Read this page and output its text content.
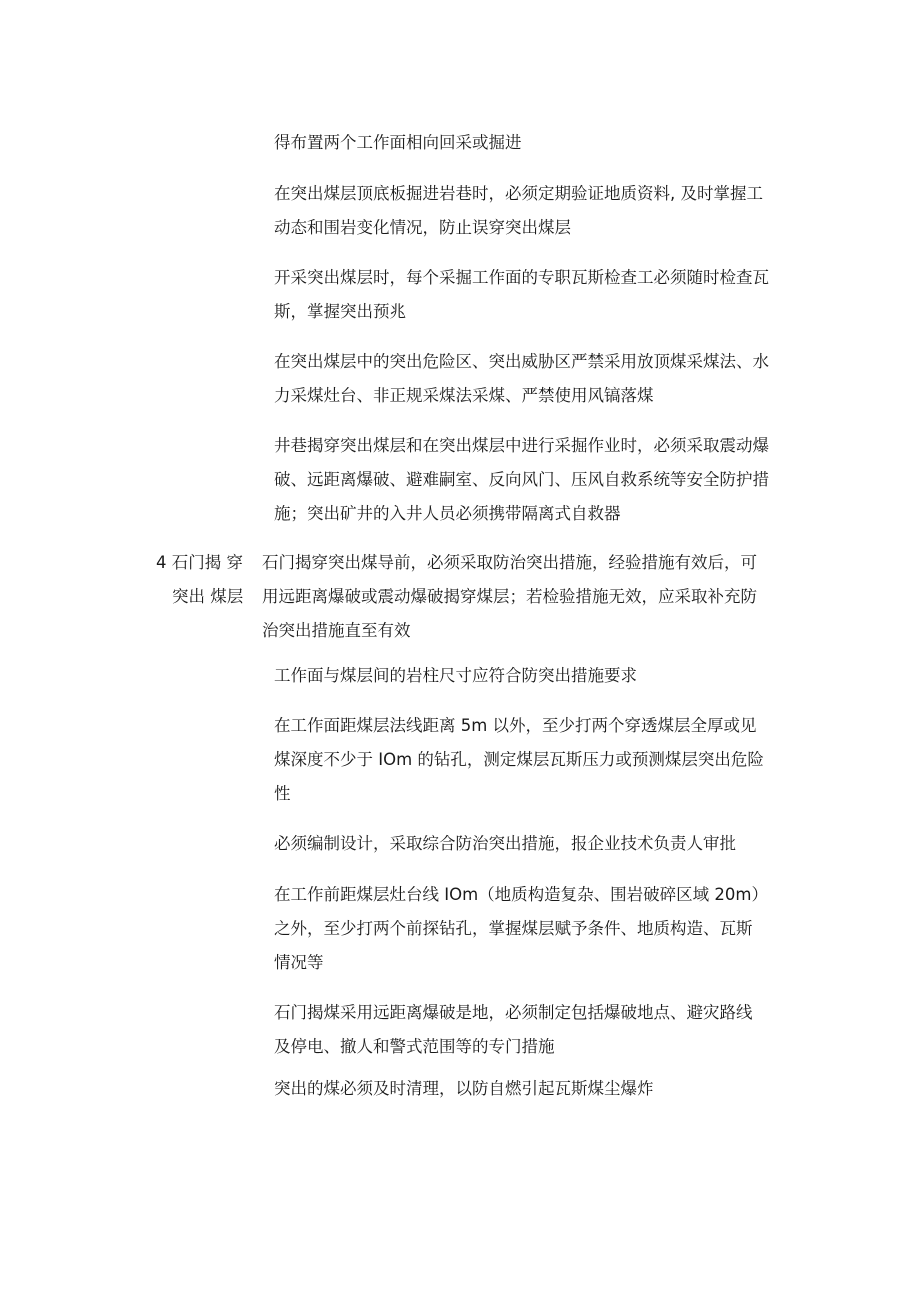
得布置两个工作面相向回采或掘进

在突出煤层顶底板掘进岩巷时，必须定期验证地质资料, 及时掌握工
动态和围岩变化情况，防止误穿突出煤层

开采突出煤层时，每个采掘工作面的专职瓦斯检查工必须随时检查瓦
斯，掌握突出预兆

在突出煤层中的突出危险区、突出威胁区严禁采用放顶煤采煤法、水
力采煤灶台、非正规采煤法采煤、严禁使用风镐落煤

井巷揭穿突出煤层和在突出煤层中进行采掘作业时，必须采取震动爆
破、远距离爆破、避难嗣室、反向风门、压风自救系统等安全防护措
施；突出矿井的入井人员必须携带隔离式自救器

4 石门揭 穿
突出 煤层

石门揭穿突出煤导前，必须采取防治突出措施，经验措施有效后，可
用远距离爆破或震动爆破揭穿煤层；若检验措施无效，应采取补充防
治突出措施直至有效

工作面与煤层间的岩柱尺寸应符合防突出措施要求

在工作面距煤层法线距离 5m 以外，至少打两个穿透煤层全厚或见
煤深度不少于 IOm 的钻孔，测定煤层瓦斯压力或预测煤层突出危险
性

必须编制设计，采取综合防治突出措施，报企业技术负责人审批

在工作前距煤层灶台线 IOm（地质构造复杂、围岩破碎区域 20m）
之外，至少打两个前探钻孔，掌握煤层赋予条件、地质构造、瓦斯
情况等

石门揭煤采用远距离爆破是地，必须制定包括爆破地点、避灾路线
及停电、撤人和警式范围等的专门措施

突出的煤必须及时清理，以防自燃引起瓦斯煤尘爆炸
